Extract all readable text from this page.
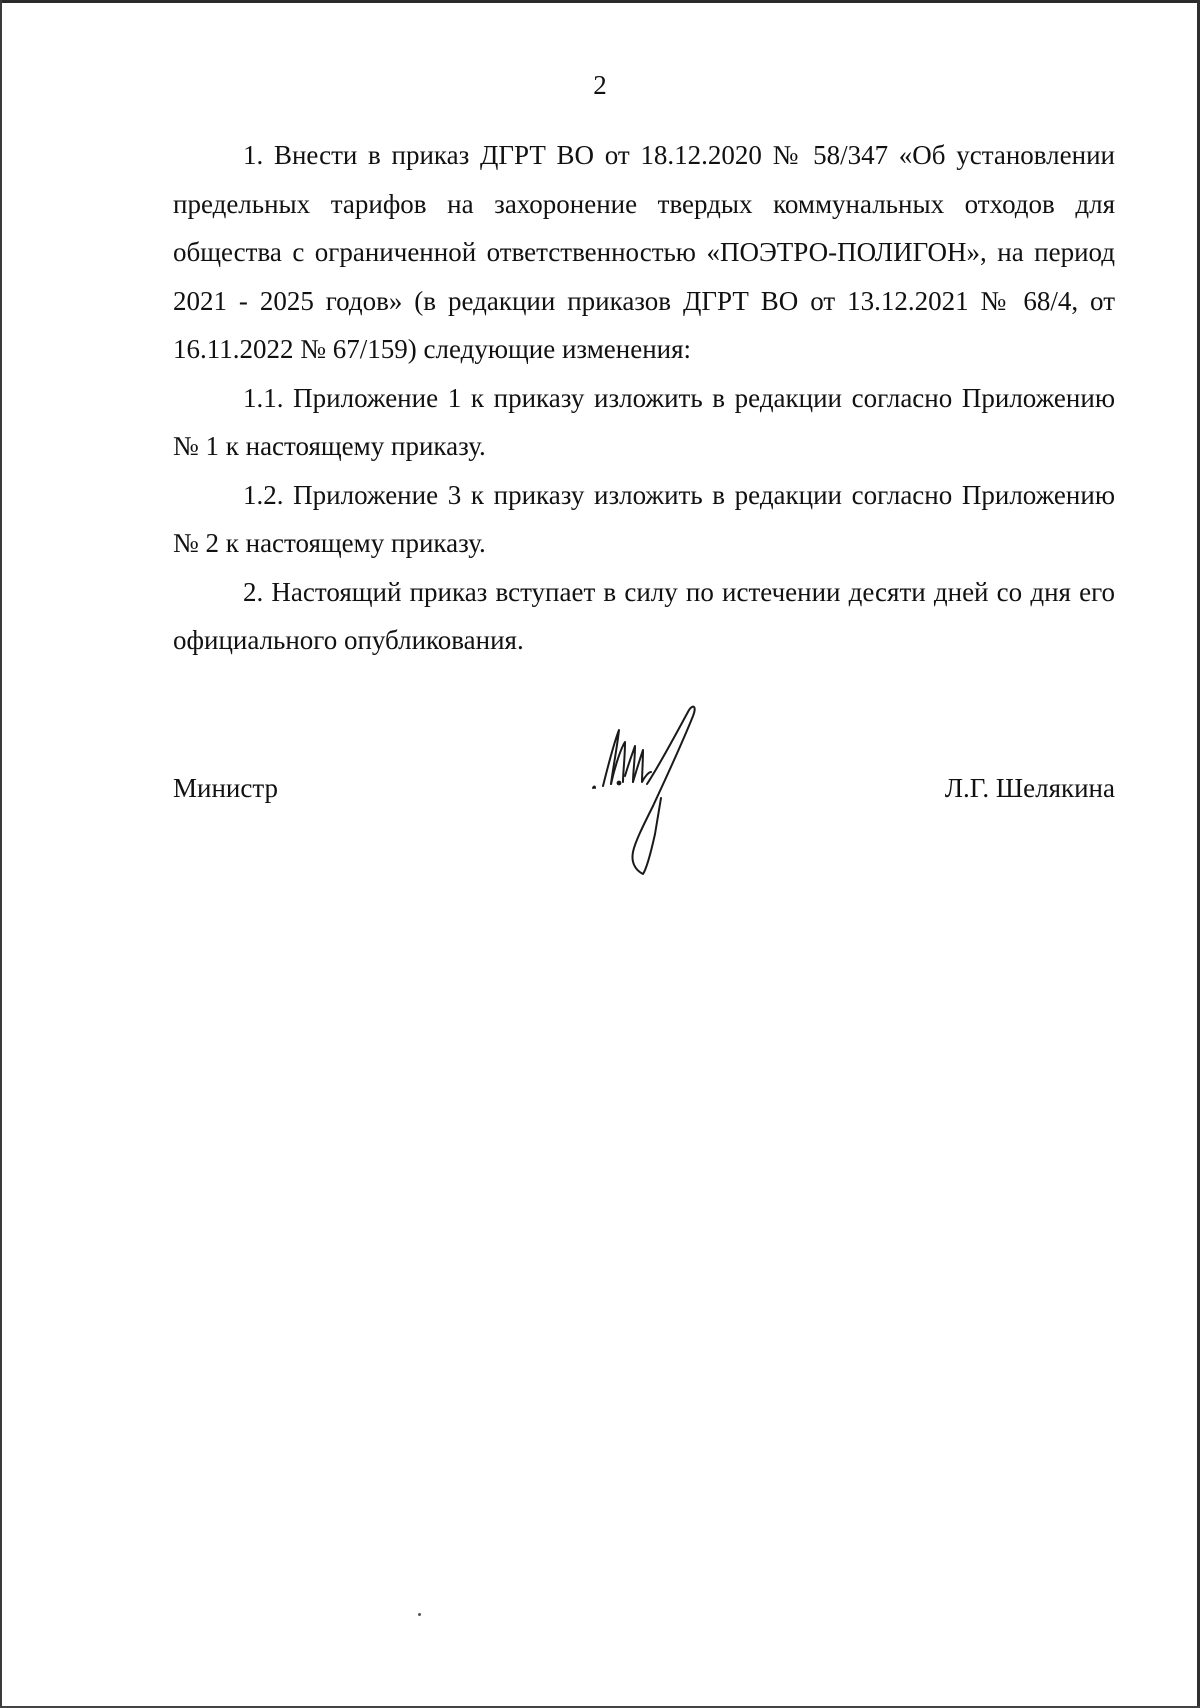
2

1. Внести в приказ ДГРТ ВО от 18.12.2020 № 58/347 «Об установлении предельных тарифов на захоронение твердых коммунальных отходов для общества с ограниченной ответственностью «ПОЭТРО-ПОЛИГОН», на период 2021 - 2025 годов» (в редакции приказов ДГРТ ВО от 13.12.2021 № 68/4, от 16.11.2022 № 67/159) следующие изменения:

1.1. Приложение 1 к приказу изложить в редакции согласно Приложению № 1 к настоящему приказу.

1.2. Приложение 3 к приказу изложить в редакции согласно Приложению № 2 к настоящему приказу.

2. Настоящий приказ вступает в силу по истечении десяти дней со дня его официального опубликования.

Министр	Л.Г. Шелякина
